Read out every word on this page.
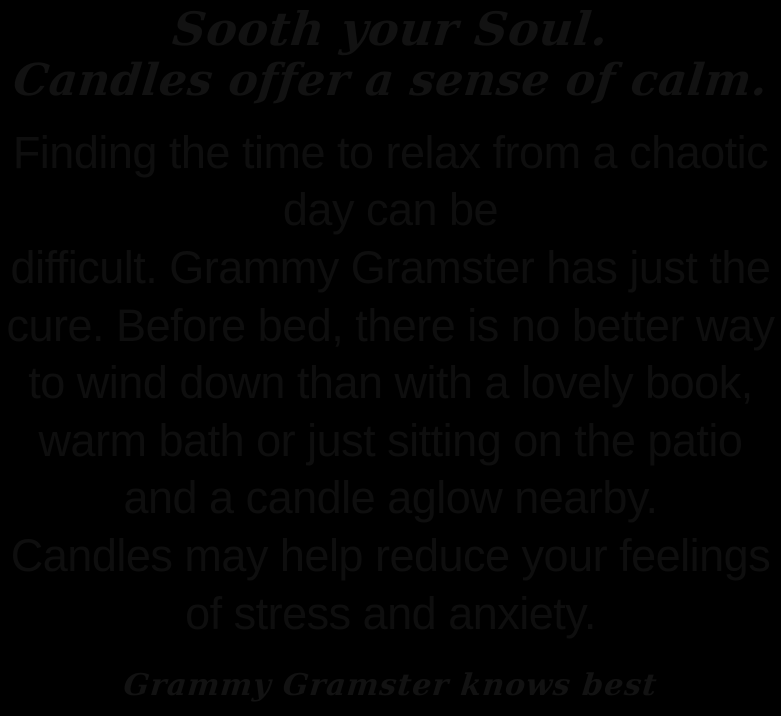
Sooth your Soul.
Candles offer a sense of calm.
Finding the time to relax from a chaotic
day can be
difficult. Grammy Gramster has just the
cure. Before bed, there is no better way
to wind down than with a lovely book,
warm bath or just sitting on the patio
and a candle aglow nearby.
Candles may help reduce your feelings
of stress and anxiety.
Grammy Gramster knows best
